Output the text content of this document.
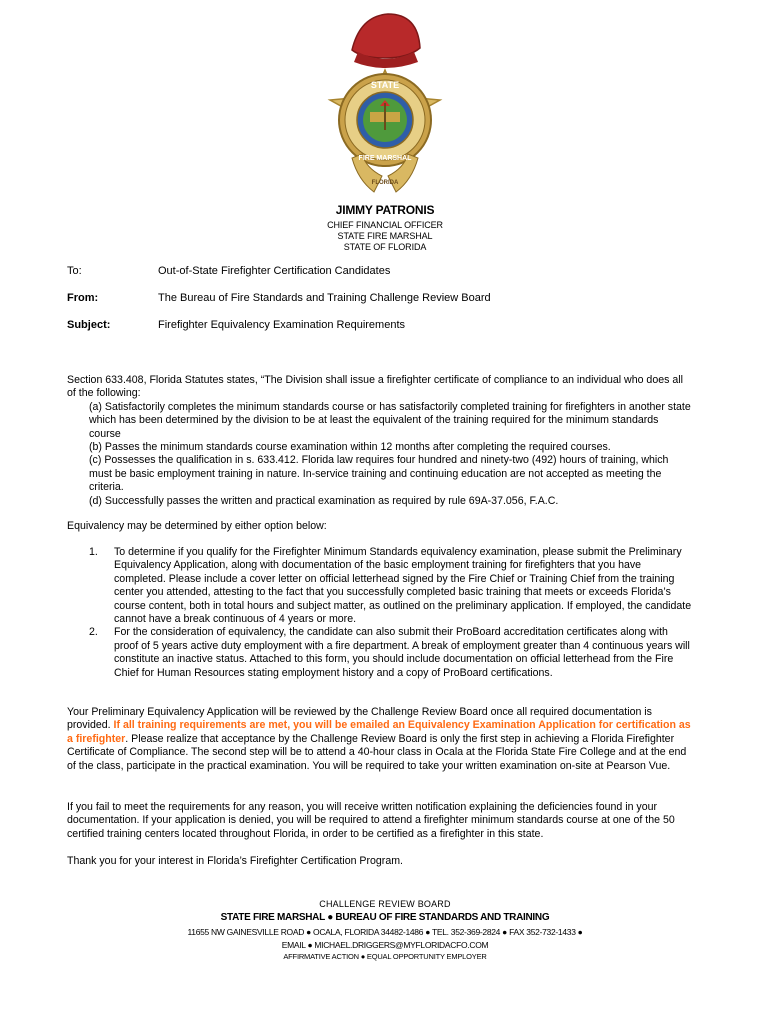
STATE
FIRE MARSHAL
FLORIDA
JIMMY PATRONIS
CHIEF FINANCIAL OFFICER
STATE FIRE MARSHAL
STATE OF FLORIDA
To:	Out-of-State Firefighter Certification Candidates
From:	The Bureau of Fire Standards and Training Challenge Review Board
Subject:	Firefighter Equivalency Examination Requirements

Section 633.408, Florida Statutes states, “The Division shall issue a firefighter certificate of compliance to an individual who does all of the following:

(a) Satisfactorily completes the minimum standards course or has satisfactorily completed training for firefighters in another state which has been determined by the division to be at least the equivalent of the training required for the minimum standards course
(b) Passes the minimum standards course examination within 12 months after completing the required courses.
(c) Possesses the qualification in s. 633.412. Florida law requires four hundred and ninety-two (492) hours of training, which must be basic employment training in nature. In-service training and continuing education are not accepted as meeting the criteria.
(d) Successfully passes the written and practical examination as required by rule 69A-37.056, F.A.C.
Equivalency may be determined by either option below:
1. To determine if you qualify for the Firefighter Minimum Standards equivalency examination, please submit the Preliminary Equivalency Application, along with documentation of the basic employment training for firefighters that you have completed. Please include a cover letter on official letterhead signed by the Fire Chief or Training Chief from the training center you attended, attesting to the fact that you successfully completed basic training that meets or exceeds Florida’s course content, both in total hours and subject matter, as outlined on the preliminary application. If employed, the candidate cannot have a break continuous of 4 years or more.
2. For the consideration of equivalency, the candidate can also submit their ProBoard accreditation certificates along with proof of 5 years active duty employment with a fire department. A break of employment greater than 4 continuous years will constitute an inactive status. Attached to this form, you should include documentation on official letterhead from the Fire Chief for Human Resources stating employment history and a copy of ProBoard certifications.
Your Preliminary Equivalency Application will be reviewed by the Challenge Review Board once all required documentation is provided. If all training requirements are met, you will be emailed an Equivalency Examination Application for certification as a firefighter. Please realize that acceptance by the Challenge Review Board is only the first step in achieving a Florida Firefighter Certificate of Compliance. The second step will be to attend a 40-hour class in Ocala at the Florida State Fire College and at the end of the class, participate in the practical examination. You will be required to take your written examination on-site at Pearson Vue.
If you fail to meet the requirements for any reason, you will receive written notification explaining the deficiencies found in your documentation. If your application is denied, you will be required to attend a firefighter minimum standards course at one of the 50 certified training centers located throughout Florida, in order to be certified as a firefighter in this state.
Thank you for your interest in Florida’s Firefighter Certification Program.
CHALLENGE REVIEW BOARD
STATE FIRE MARSHAL ● BUREAU OF FIRE STANDARDS AND TRAINING
11655 NW GAINESVILLE ROAD ● OCALA, FLORIDA 34482-1486 ● TEL. 352-369-2824 ● FAX 352-732-1433 ●
EMAIL ● MICHAEL.DRIGGERS@MYFLORIDACFO.COM
AFFIRMATIVE ACTION ● EQUAL OPPORTUNITY EMPLOYER
